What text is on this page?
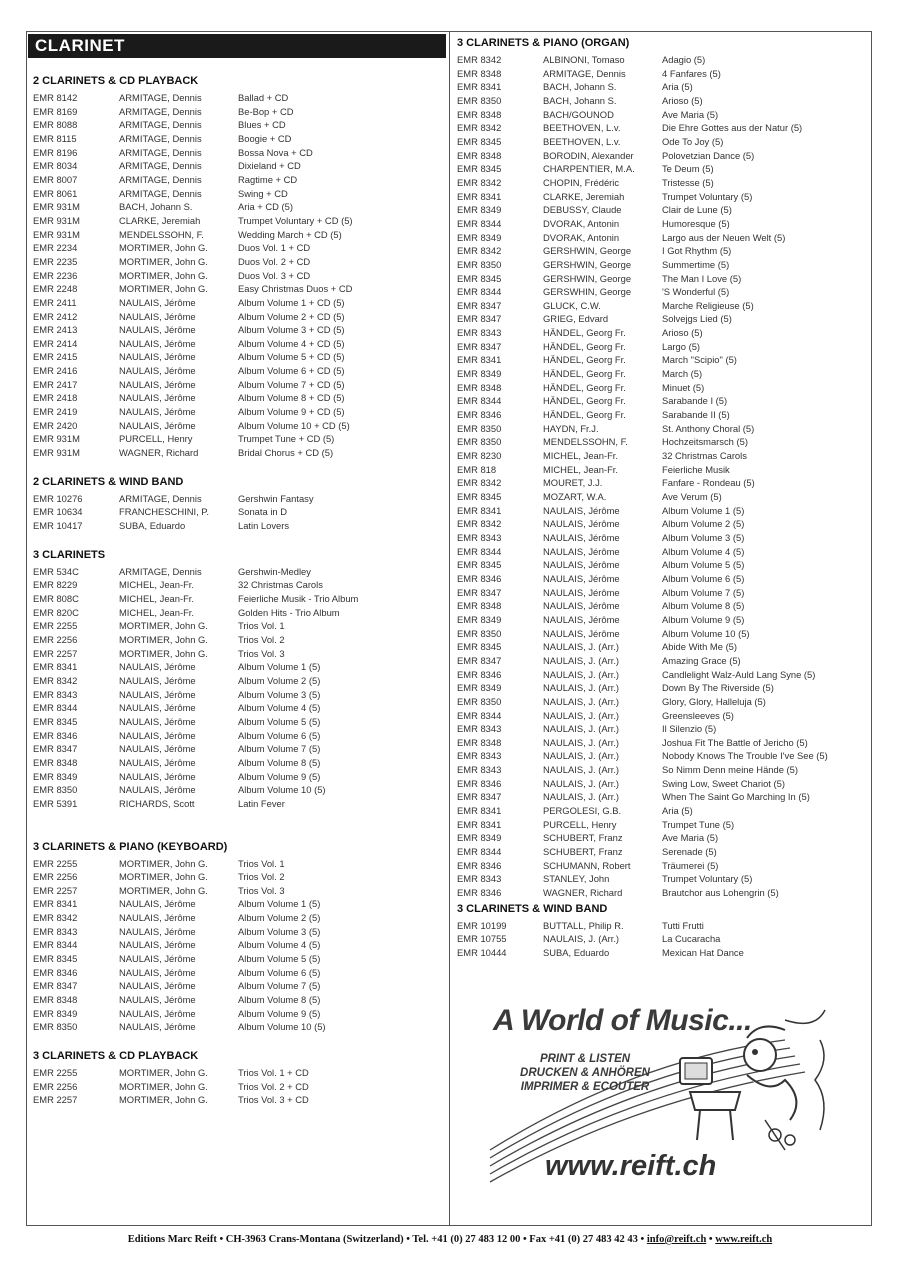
CLARINET
2 CLARINETS & CD PLAYBACK
EMR 8142	ARMITAGE, Dennis	Ballad + CD
EMR 8169	ARMITAGE, Dennis	Be-Bop + CD
EMR 8088	ARMITAGE, Dennis	Blues + CD
EMR 8115	ARMITAGE, Dennis	Boogie + CD
EMR 8196	ARMITAGE, Dennis	Bossa Nova + CD
EMR 8034	ARMITAGE, Dennis	Dixieland + CD
EMR 8007	ARMITAGE, Dennis	Ragtime + CD
EMR 8061	ARMITAGE, Dennis	Swing + CD
EMR 931M	BACH, Johann S.	Aria + CD (5)
EMR 931M	CLARKE, Jeremiah	Trumpet Voluntary + CD (5)
EMR 931M	MENDELSSOHN, F.	Wedding March + CD (5)
EMR 2234	MORTIMER, John G.	Duos Vol. 1 + CD
EMR 2235	MORTIMER, John G.	Duos Vol. 2 + CD
EMR 2236	MORTIMER, John G.	Duos Vol. 3 + CD
EMR 2248	MORTIMER, John G.	Easy Christmas Duos + CD
EMR 2411	NAULAIS, Jérôme	Album Volume 1 + CD (5)
EMR 2412	NAULAIS, Jérôme	Album Volume 2 + CD (5)
EMR 2413	NAULAIS, Jérôme	Album Volume 3 + CD (5)
EMR 2414	NAULAIS, Jérôme	Album Volume 4 + CD (5)
EMR 2415	NAULAIS, Jérôme	Album Volume 5 + CD (5)
EMR 2416	NAULAIS, Jérôme	Album Volume 6 + CD (5)
EMR 2417	NAULAIS, Jérôme	Album Volume 7 + CD (5)
EMR 2418	NAULAIS, Jérôme	Album Volume 8 + CD (5)
EMR 2419	NAULAIS, Jérôme	Album Volume 9 + CD (5)
EMR 2420	NAULAIS, Jérôme	Album Volume 10 + CD (5)
EMR 931M	PURCELL, Henry	Trumpet Tune + CD (5)
EMR 931M	WAGNER, Richard	Bridal Chorus + CD (5)
2 CLARINETS & WIND BAND
EMR 10276	ARMITAGE, Dennis	Gershwin Fantasy
EMR 10634	FRANCHESCHINI, P.	Sonata in D
EMR 10417	SUBA, Eduardo	Latin Lovers
3 CLARINETS
EMR 534C	ARMITAGE, Dennis	Gershwin-Medley
EMR 8229	MICHEL, Jean-Fr.	32 Christmas Carols
EMR 808C	MICHEL, Jean-Fr.	Feierliche Musik - Trio Album
EMR 820C	MICHEL, Jean-Fr.	Golden Hits - Trio Album
EMR 2255	MORTIMER, John G.	Trios Vol. 1
EMR 2256	MORTIMER, John G.	Trios Vol. 2
EMR 2257	MORTIMER, John G.	Trios Vol. 3
EMR 8341	NAULAIS, Jérôme	Album Volume 1 (5)
EMR 8342	NAULAIS, Jérôme	Album Volume 2 (5)
EMR 8343	NAULAIS, Jérôme	Album Volume 3 (5)
EMR 8344	NAULAIS, Jérôme	Album Volume 4 (5)
EMR 8345	NAULAIS, Jérôme	Album Volume 5 (5)
EMR 8346	NAULAIS, Jérôme	Album Volume 6 (5)
EMR 8347	NAULAIS, Jérôme	Album Volume 7 (5)
EMR 8348	NAULAIS, Jérôme	Album Volume 8 (5)
EMR 8349	NAULAIS, Jérôme	Album Volume 9 (5)
EMR 8350	NAULAIS, Jérôme	Album Volume 10 (5)
EMR 5391	RICHARDS, Scott	Latin Fever
3 CLARINETS & PIANO (KEYBOARD)
EMR 2255	MORTIMER, John G.	Trios Vol. 1
EMR 2256	MORTIMER, John G.	Trios Vol. 2
EMR 2257	MORTIMER, John G.	Trios Vol. 3
EMR 8341	NAULAIS, Jérôme	Album Volume 1 (5)
EMR 8342	NAULAIS, Jérôme	Album Volume 2 (5)
EMR 8343	NAULAIS, Jérôme	Album Volume 3 (5)
EMR 8344	NAULAIS, Jérôme	Album Volume 4 (5)
EMR 8345	NAULAIS, Jérôme	Album Volume 5 (5)
EMR 8346	NAULAIS, Jérôme	Album Volume 6 (5)
EMR 8347	NAULAIS, Jérôme	Album Volume 7 (5)
EMR 8348	NAULAIS, Jérôme	Album Volume 8 (5)
EMR 8349	NAULAIS, Jérôme	Album Volume 9 (5)
EMR 8350	NAULAIS, Jérôme	Album Volume 10 (5)
3 CLARINETS & CD PLAYBACK
EMR 2255	MORTIMER, John G.	Trios Vol. 1 + CD
EMR 2256	MORTIMER, John G.	Trios Vol. 2 + CD
EMR 2257	MORTIMER, John G.	Trios Vol. 3 + CD
3 CLARINETS & PIANO (ORGAN)
EMR 8342	ALBINONI, Tomaso	Adagio (5)
EMR 8348	ARMITAGE, Dennis	4 Fanfares (5)
EMR 8341	BACH, Johann S.	Aria (5)
EMR 8350	BACH, Johann S.	Arioso (5)
EMR 8348	BACH/GOUNOD	Ave Maria (5)
EMR 8342	BEETHOVEN, L.v.	Die Ehre Gottes aus der Natur (5)
EMR 8345	BEETHOVEN, L.v.	Ode To Joy (5)
EMR 8348	BORODIN, Alexander	Polovetzian Dance (5)
EMR 8345	CHARPENTIER, M.A.	Te Deum (5)
EMR 8342	CHOPIN, Frédéric	Tristesse (5)
EMR 8341	CLARKE, Jeremiah	Trumpet Voluntary (5)
EMR 8349	DEBUSSY, Claude	Clair de Lune (5)
EMR 8344	DVORAK, Antonin	Humoresque (5)
EMR 8349	DVORAK, Antonin	Largo aus der Neuen Welt (5)
EMR 8342	GERSHWIN, George	I Got Rhythm (5)
EMR 8350	GERSHWIN, George	Summertime (5)
EMR 8345	GERSHWIN, George	The Man I Love (5)
EMR 8344	GERSWHIN, George	'S Wonderful (5)
EMR 8347	GLUCK, C.W.	Marche Religieuse (5)
EMR 8347	GRIEG, Edvard	Solvejgs Lied (5)
EMR 8343	HÄNDEL, Georg Fr.	Arioso (5)
EMR 8347	HÄNDEL, Georg Fr.	Largo (5)
EMR 8341	HÄNDEL, Georg Fr.	March "Scipio" (5)
EMR 8349	HÄNDEL, Georg Fr.	March (5)
EMR 8348	HÄNDEL, Georg Fr.	Minuet (5)
EMR 8344	HÄNDEL, Georg Fr.	Sarabande I (5)
EMR 8346	HÄNDEL, Georg Fr.	Sarabande II (5)
EMR 8350	HAYDN, Fr.J.	St. Anthony Choral (5)
EMR 8350	MENDELSSOHN, F.	Hochzeitsmarsch (5)
EMR 8230	MICHEL, Jean-Fr.	32 Christmas Carols
EMR 818	MICHEL, Jean-Fr.	Feierliche Musik
EMR 8342	MOURET, J.J.	Fanfare - Rondeau (5)
EMR 8345	MOZART, W.A.	Ave Verum (5)
EMR 8341	NAULAIS, Jérôme	Album Volume 1 (5)
EMR 8342	NAULAIS, Jérôme	Album Volume 2 (5)
EMR 8343	NAULAIS, Jérôme	Album Volume 3 (5)
EMR 8344	NAULAIS, Jérôme	Album Volume 4 (5)
EMR 8345	NAULAIS, Jérôme	Album Volume 5 (5)
EMR 8346	NAULAIS, Jérôme	Album Volume 6 (5)
EMR 8347	NAULAIS, Jérôme	Album Volume 7 (5)
EMR 8348	NAULAIS, Jérôme	Album Volume 8 (5)
EMR 8349	NAULAIS, Jérôme	Album Volume 9 (5)
EMR 8350	NAULAIS, Jérôme	Album Volume 10 (5)
EMR 8345	NAULAIS, J. (Arr.)	Abide With Me (5)
EMR 8347	NAULAIS, J. (Arr.)	Amazing Grace (5)
EMR 8346	NAULAIS, J. (Arr.)	Candlelight Walz-Auld Lang Syne (5)
EMR 8349	NAULAIS, J. (Arr.)	Down By The Riverside (5)
EMR 8350	NAULAIS, J. (Arr.)	Glory, Glory, Halleluja (5)
EMR 8344	NAULAIS, J. (Arr.)	Greensleeves (5)
EMR 8343	NAULAIS, J. (Arr.)	Il Silenzio (5)
EMR 8348	NAULAIS, J. (Arr.)	Joshua Fit The Battle of Jericho (5)
EMR 8343	NAULAIS, J. (Arr.)	Nobody Knows The Trouble I've See (5)
EMR 8343	NAULAIS, J. (Arr.)	So Nimm Denn meine Hände (5)
EMR 8346	NAULAIS, J. (Arr.)	Swing Low, Sweet Chariot (5)
EMR 8347	NAULAIS, J. (Arr.)	When The Saint Go Marching In (5)
EMR 8341	PERGOLESI, G.B.	Aria (5)
EMR 8341	PURCELL, Henry	Trumpet Tune (5)
EMR 8349	SCHUBERT, Franz	Ave Maria (5)
EMR 8344	SCHUBERT, Franz	Serenade (5)
EMR 8346	SCHUMANN, Robert	Träumerei (5)
EMR 8343	STANLEY, John	Trumpet Voluntary (5)
EMR 8346	WAGNER, Richard	Brautchor aus Lohengrin (5)
3 CLARINETS & WIND BAND
EMR 10199	BUTTALL, Philip R.	Tutti Frutti
EMR 10755	NAULAIS, J. (Arr.)	La Cucaracha
EMR 10444	SUBA, Eduardo	Mexican Hat Dance
A World of Music...
PRINT & LISTEN
DRUCKEN & ANHÖREN
IMPRIMER & ECOUTER
www.reift.ch
Editions Marc Reift • CH-3963 Crans-Montana (Switzerland) • Tel. +41 (0) 27 483 12 00 • Fax +41 (0) 27 483 42 43 • info@reift.ch • www.reift.ch
